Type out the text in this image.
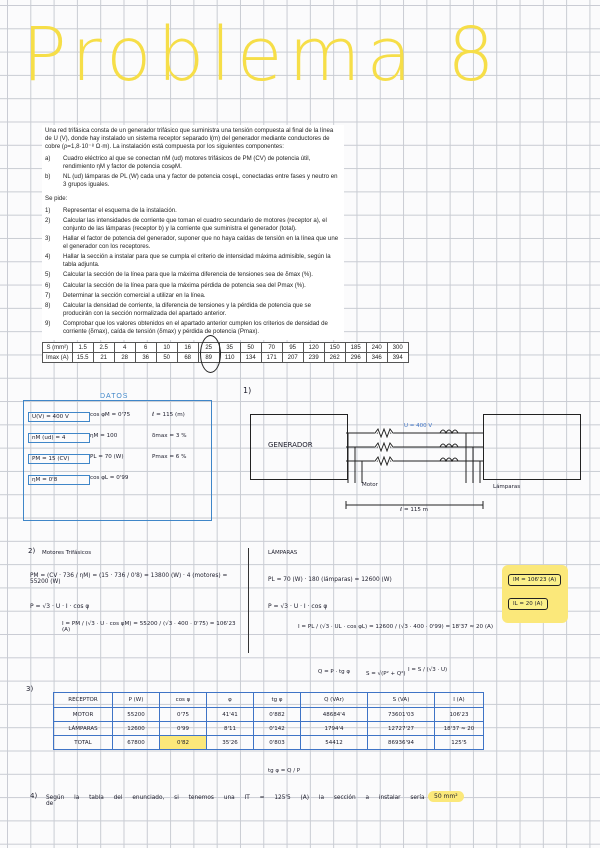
Problema 8

Una red trifásica consta de un generador trifásico que suministra una tensión compuesta al final de la línea de U (V), donde hay instalado un sistema receptor separado l(m) del generador mediante conductores de cobre (ρ=1,8·10⁻⁸ Ω·m). La instalación está compuesta por los siguientes componentes:

a)	Cuadro eléctrico al que se conectan nM (ud) motores trifásicos de PM (CV) de potencia útil, rendimiento ηM y factor de potencia cosφM.
b)	NL (ud) lámparas de PL (W) cada una y factor de potencia cosφL, conectadas entre fases y neutro en 3 grupos iguales.

Se pide:

1)	Representar el esquema de la instalación.
2)	Calcular las intensidades de corriente que toman el cuadro secundario de motores (receptor a), el conjunto de las lámparas (receptor b) y la corriente que suministra el generador (total).
3)	Hallar el factor de potencia del generador, suponer que no haya caídas de tensión en la línea que une el generador con los receptores.
4)	Hallar la sección a instalar para que se cumpla el criterio de intensidad máxima admisible, según la tabla adjunta.
5)	Calcular la sección de la línea para que la máxima diferencia de tensiones sea de δmax (%).
6)	Calcular la sección de la línea para que la máxima pérdida de potencia sea del Pmax (%).
7)	Determinar la sección comercial a utilizar en la línea.
8)	Calcular la densidad de corriente, la diferencia de tensiones y la pérdida de potencia que se producirán con la sección normalizada del apartado anterior.
9)	Comprobar que los valores obtenidos en el apartado anterior cumplen los criterios de densidad de corriente (δmax), caída de tensión (δmax) y pérdida de potencia (Pmax).
S (mm²)	1.5	2.5	4	6	10	16	25	35	50	70	95	120	150	185	240	300
Imax (A)	15.5	21	28	36	50	68	89	110	134	171	207	239	262	296	346	394
DATOS
U(V) = 400 V	cos φM = 0'75	ℓ = 115 (m)
nM (ud) = 4	ηM = 100	δmax = 3 %
PM = 15 (CV)	PL = 70 (W)	Pmax = 6 %
ηM = 0'8	cos φL = 0'99
1)
GENERADOR
U = 400 V
Motor	Lámparas
ℓ = 115 m
2) Motores Trifásicos
PM = (CV · 736 / ηM) = (15 · 736 / 0'8) = 13800 (W) · 4 (motores) = 55200 (W)
P = √3 · U · I · cos φ
I = PM / (√3 · U · cos φM) = 55200 / (√3 · 400 · 0'75) = 106'23 (A)
LÁMPARAS
PL = 70 (W) · 180 (lámparas) = 12600 (W)
P = √3 · U · I · cos φ
I = PL / (√3 · UL · cos φL) = 12600 / (√3 · 400 · 0'99) = 18'37 ≈ 20 (A)
IM = 106'23 (A)
IL = 20 (A)
Q = P · tg φ	S = √(P² + Q²)
I = S / (√3 · U)
3)
RECEPTOR	P (W)	cos φ	φ	tg φ	Q (VAr)	S (VA)	I (A)
MOTOR	55200	0'75	41'41	0'882	48684'4	73601'03	106'23
LÁMPARAS	12600	0'99	8'11	0'142	1794'4	12727'27	18'37 ≈ 20
TOTAL	67800	0'82	35'26	0'803	54412	86936'94	125'5
tg φ = Q / P
4) Según la tabla del enunciado, si tenemos una IT = 125'5 (A) la sección a instalar sería de
50 mm²
